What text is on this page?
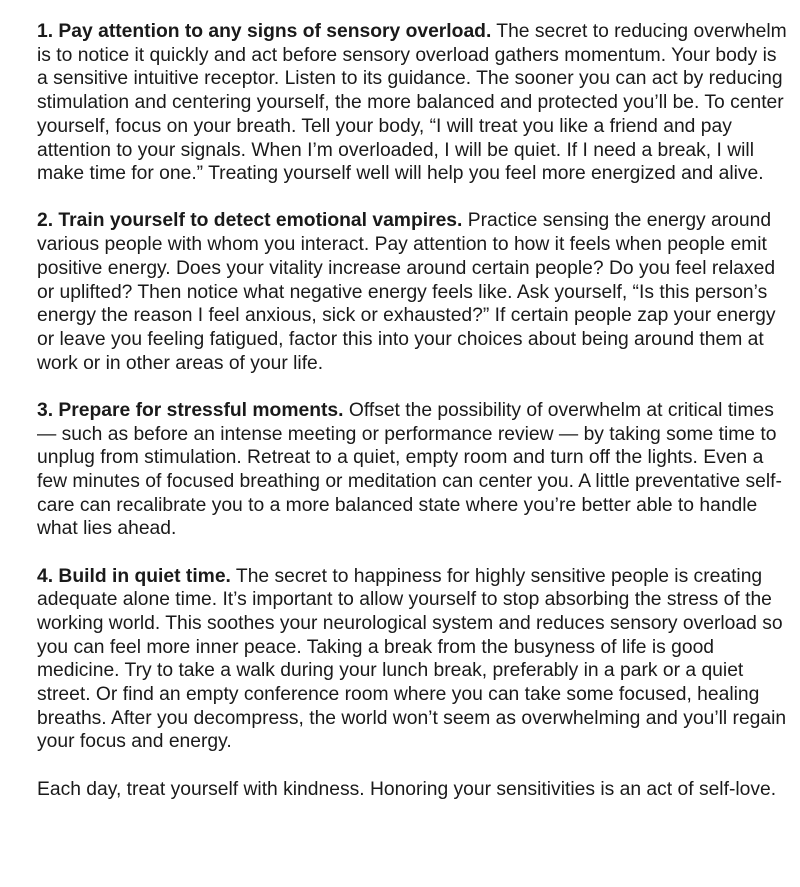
1. Pay attention to any signs of sensory overload. The secret to reducing overwhelm is to notice it quickly and act before sensory overload gathers momentum. Your body is a sensitive intuitive receptor. Listen to its guidance. The sooner you can act by reducing stimulation and centering yourself, the more balanced and protected you’ll be. To center yourself, focus on your breath. Tell your body, “I will treat you like a friend and pay attention to your signals. When I’m overloaded, I will be quiet. If I need a break, I will make time for one.” Treating yourself well will help you feel more energized and alive.

2. Train yourself to detect emotional vampires. Practice sensing the energy around various people with whom you interact. Pay attention to how it feels when people emit positive energy. Does your vitality increase around certain people? Do you feel relaxed or uplifted? Then notice what negative energy feels like. Ask yourself, “Is this person’s energy the reason I feel anxious, sick or exhausted?” If certain people zap your energy or leave you feeling fatigued, factor this into your choices about being around them at work or in other areas of your life.

3. Prepare for stressful moments. Offset the possibility of overwhelm at critical times — such as before an intense meeting or performance review — by taking some time to unplug from stimulation. Retreat to a quiet, empty room and turn off the lights. Even a few minutes of focused breathing or meditation can center you. A little preventative self-care can recalibrate you to a more balanced state where you’re better able to handle what lies ahead.

4. Build in quiet time. The secret to happiness for highly sensitive people is creating adequate alone time. It’s important to allow yourself to stop absorbing the stress of the working world. This soothes your neurological system and reduces sensory overload so you can feel more inner peace. Taking a break from the busyness of life is good medicine. Try to take a walk during your lunch break, preferably in a park or a quiet street. Or find an empty conference room where you can take some focused, healing breaths. After you decompress, the world won’t seem as overwhelming and you’ll regain your focus and energy.

Each day, treat yourself with kindness. Honoring your sensitivities is an act of self-love.
